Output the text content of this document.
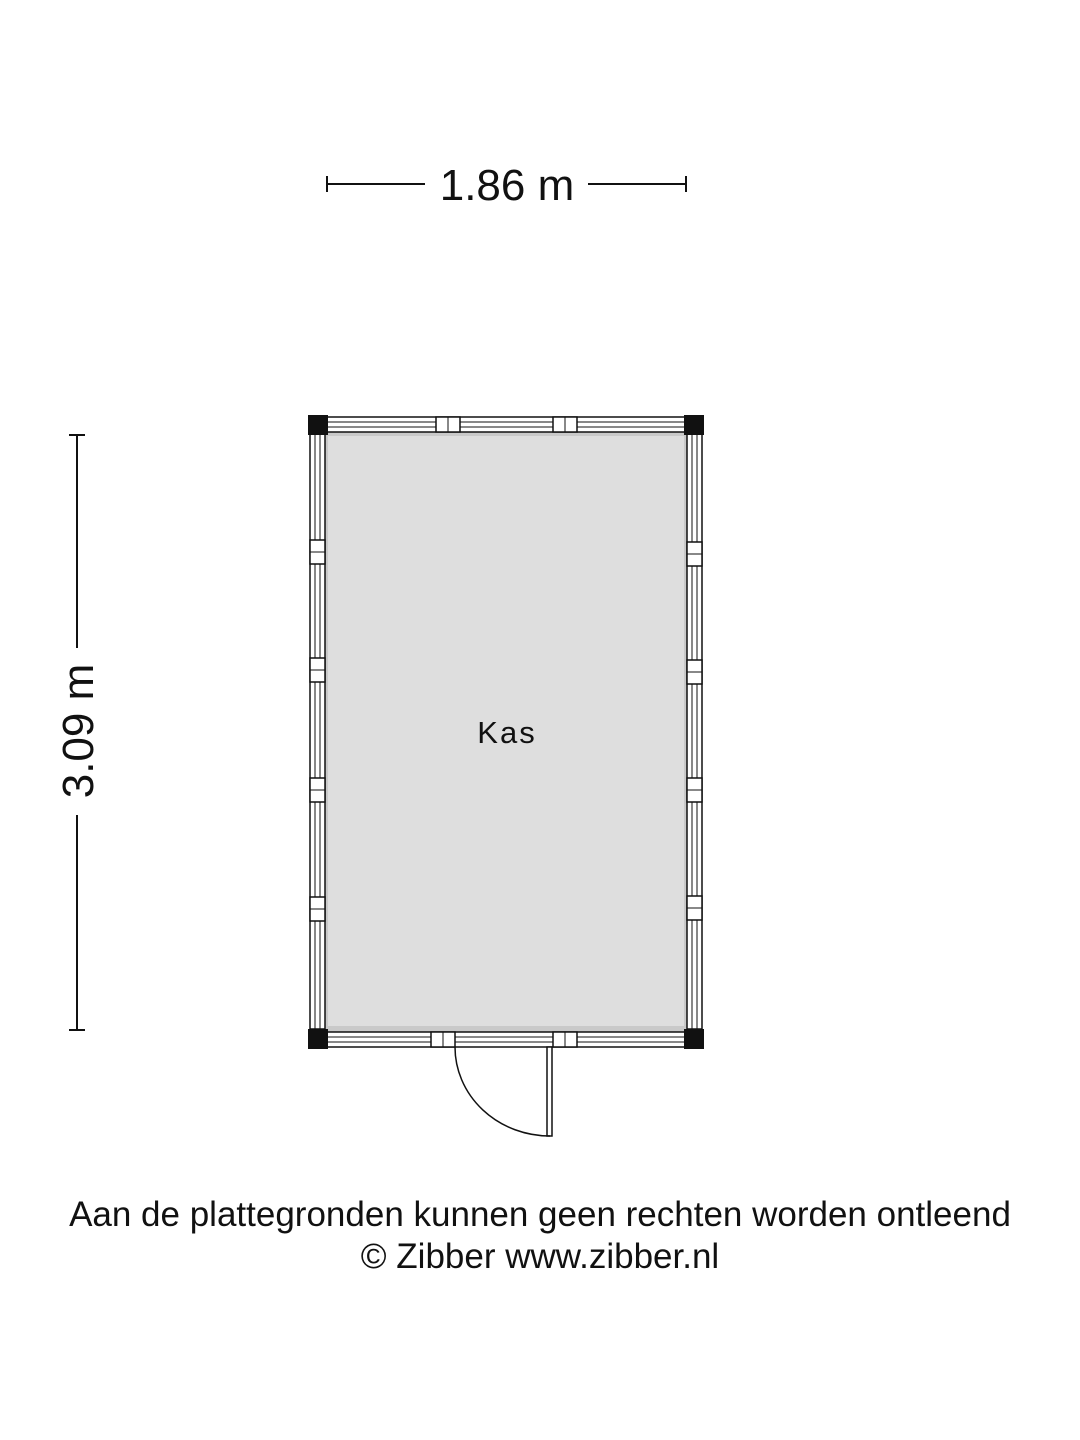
1.86 m
3.09 m	Kas
Aan de plattegronden kunnen geen rechten worden ontleend
© Zibber www.zibber.nl
